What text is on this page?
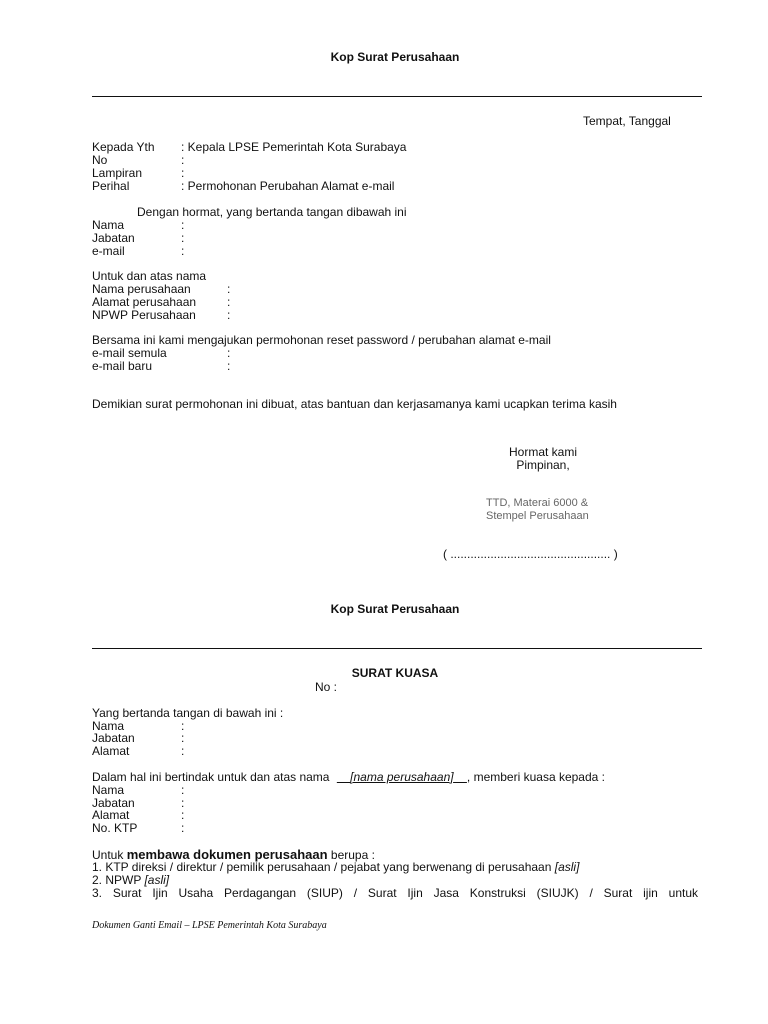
Kop Surat Perusahaan
Tempat, Tanggal
Kepada Yth : Kepala LPSE Pemerintah Kota Surabaya
No	:
Lampiran	:
Perihal	: Permohonan Perubahan Alamat e-mail
Dengan hormat, yang bertanda tangan dibawah ini
Nama	:
Jabatan	:
e-mail	:
Untuk dan atas nama
Nama perusahaan	:
Alamat perusahaan	:
NPWP Perusahaan	:
Bersama ini kami mengajukan permohonan reset password / perubahan alamat e-mail
e-mail semula	:
e-mail baru	:
Demikian surat permohonan ini dibuat, atas bantuan dan kerjasamanya kami ucapkan terima kasih
Hormat kami
Pimpinan,
TTD, Materai 6000 &
Stempel Perusahaan
( ................................................ )
Kop Surat Perusahaan
SURAT KUASA
No :
Yang bertanda tangan di bawah ini :
Nama	:
Jabatan	:
Alamat	:
Dalam hal ini bertindak untuk dan atas nama [nama perusahaan] , memberi kuasa kepada :
Nama	:
Jabatan	:
Alamat	:
No. KTP	:
Untuk membawa dokumen perusahaan berupa :
1. KTP direksi / direktur / pemilik perusahaan / pejabat yang berwenang di perusahaan [asli]
2. NPWP [asli]
3. Surat Ijin Usaha Perdagangan (SIUP) / Surat Ijin Jasa Konstruksi (SIUJK) / Surat ijin untuk
Dokumen Ganti Email – LPSE Pemerintah Kota Surabaya
